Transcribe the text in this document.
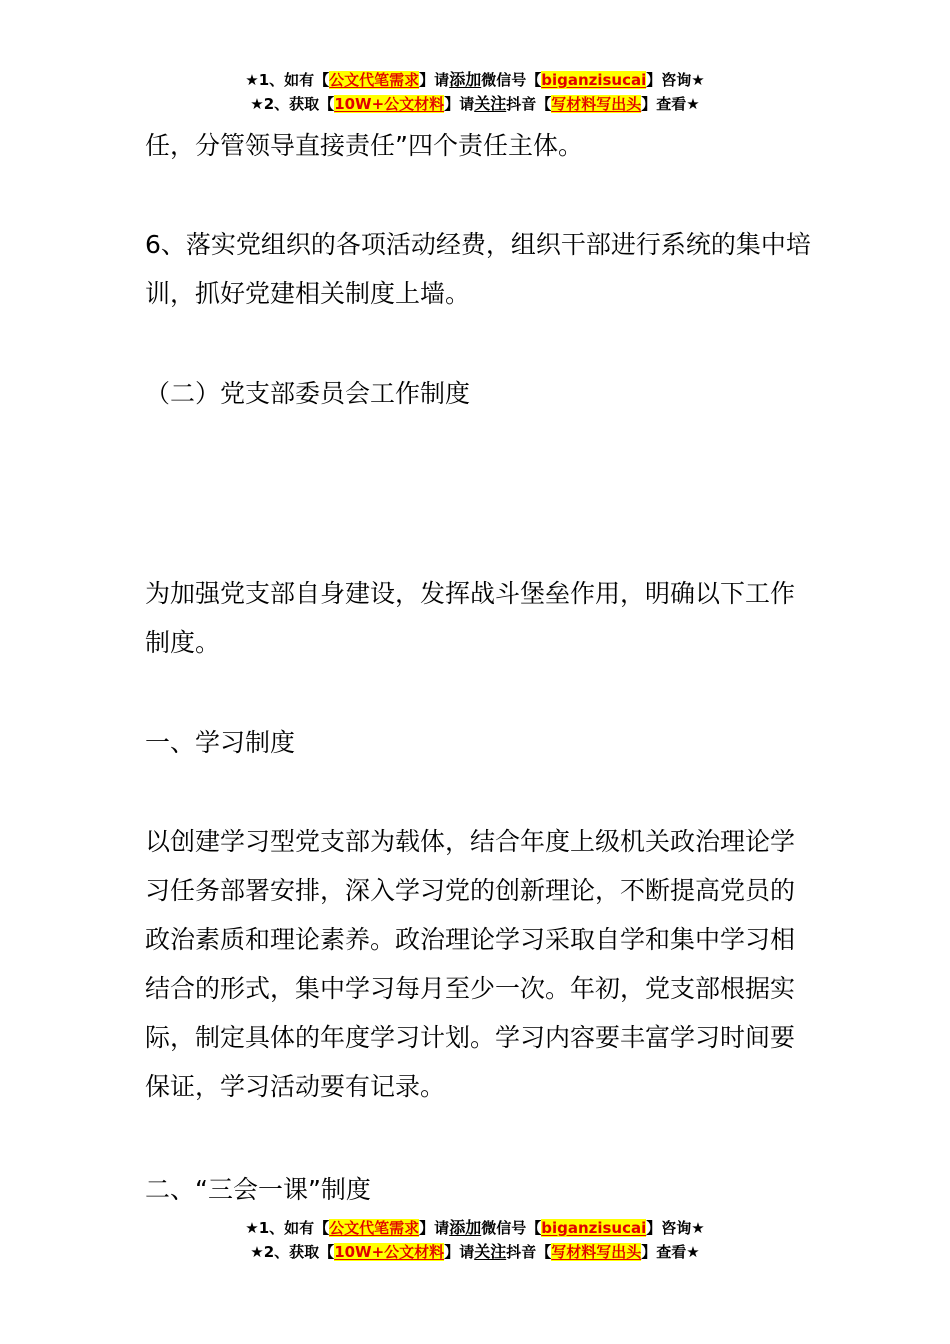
★1、如有【公文代笔需求】请添加微信号【biganzisucai】咨询★
★2、获取【10W+公文材料】请关注抖音【写材料写出头】查看★

任，分管领导直接责任”四个责任主体。

6、落实党组织的各项活动经费，组织干部进行系统的集中培训，抓好党建相关制度上墙。

（二）党支部委员会工作制度

为加强党支部自身建设，发挥战斗堡垒作用，明确以下工作制度。

一、学习制度

以创建学习型党支部为载体，结合年度上级机关政治理论学习任务部署安排，深入学习党的创新理论，不断提高党员的政治素质和理论素养。政治理论学习采取自学和集中学习相结合的形式，集中学习每月至少一次。年初，党支部根据实际，制定具体的年度学习计划。学习内容要丰富学习时间要保证，学习活动要有记录。

二、“三会一课”制度

★1、如有【公文代笔需求】请添加微信号【biganzisucai】咨询★
★2、获取【10W+公文材料】请关注抖音【写材料写出头】查看★
